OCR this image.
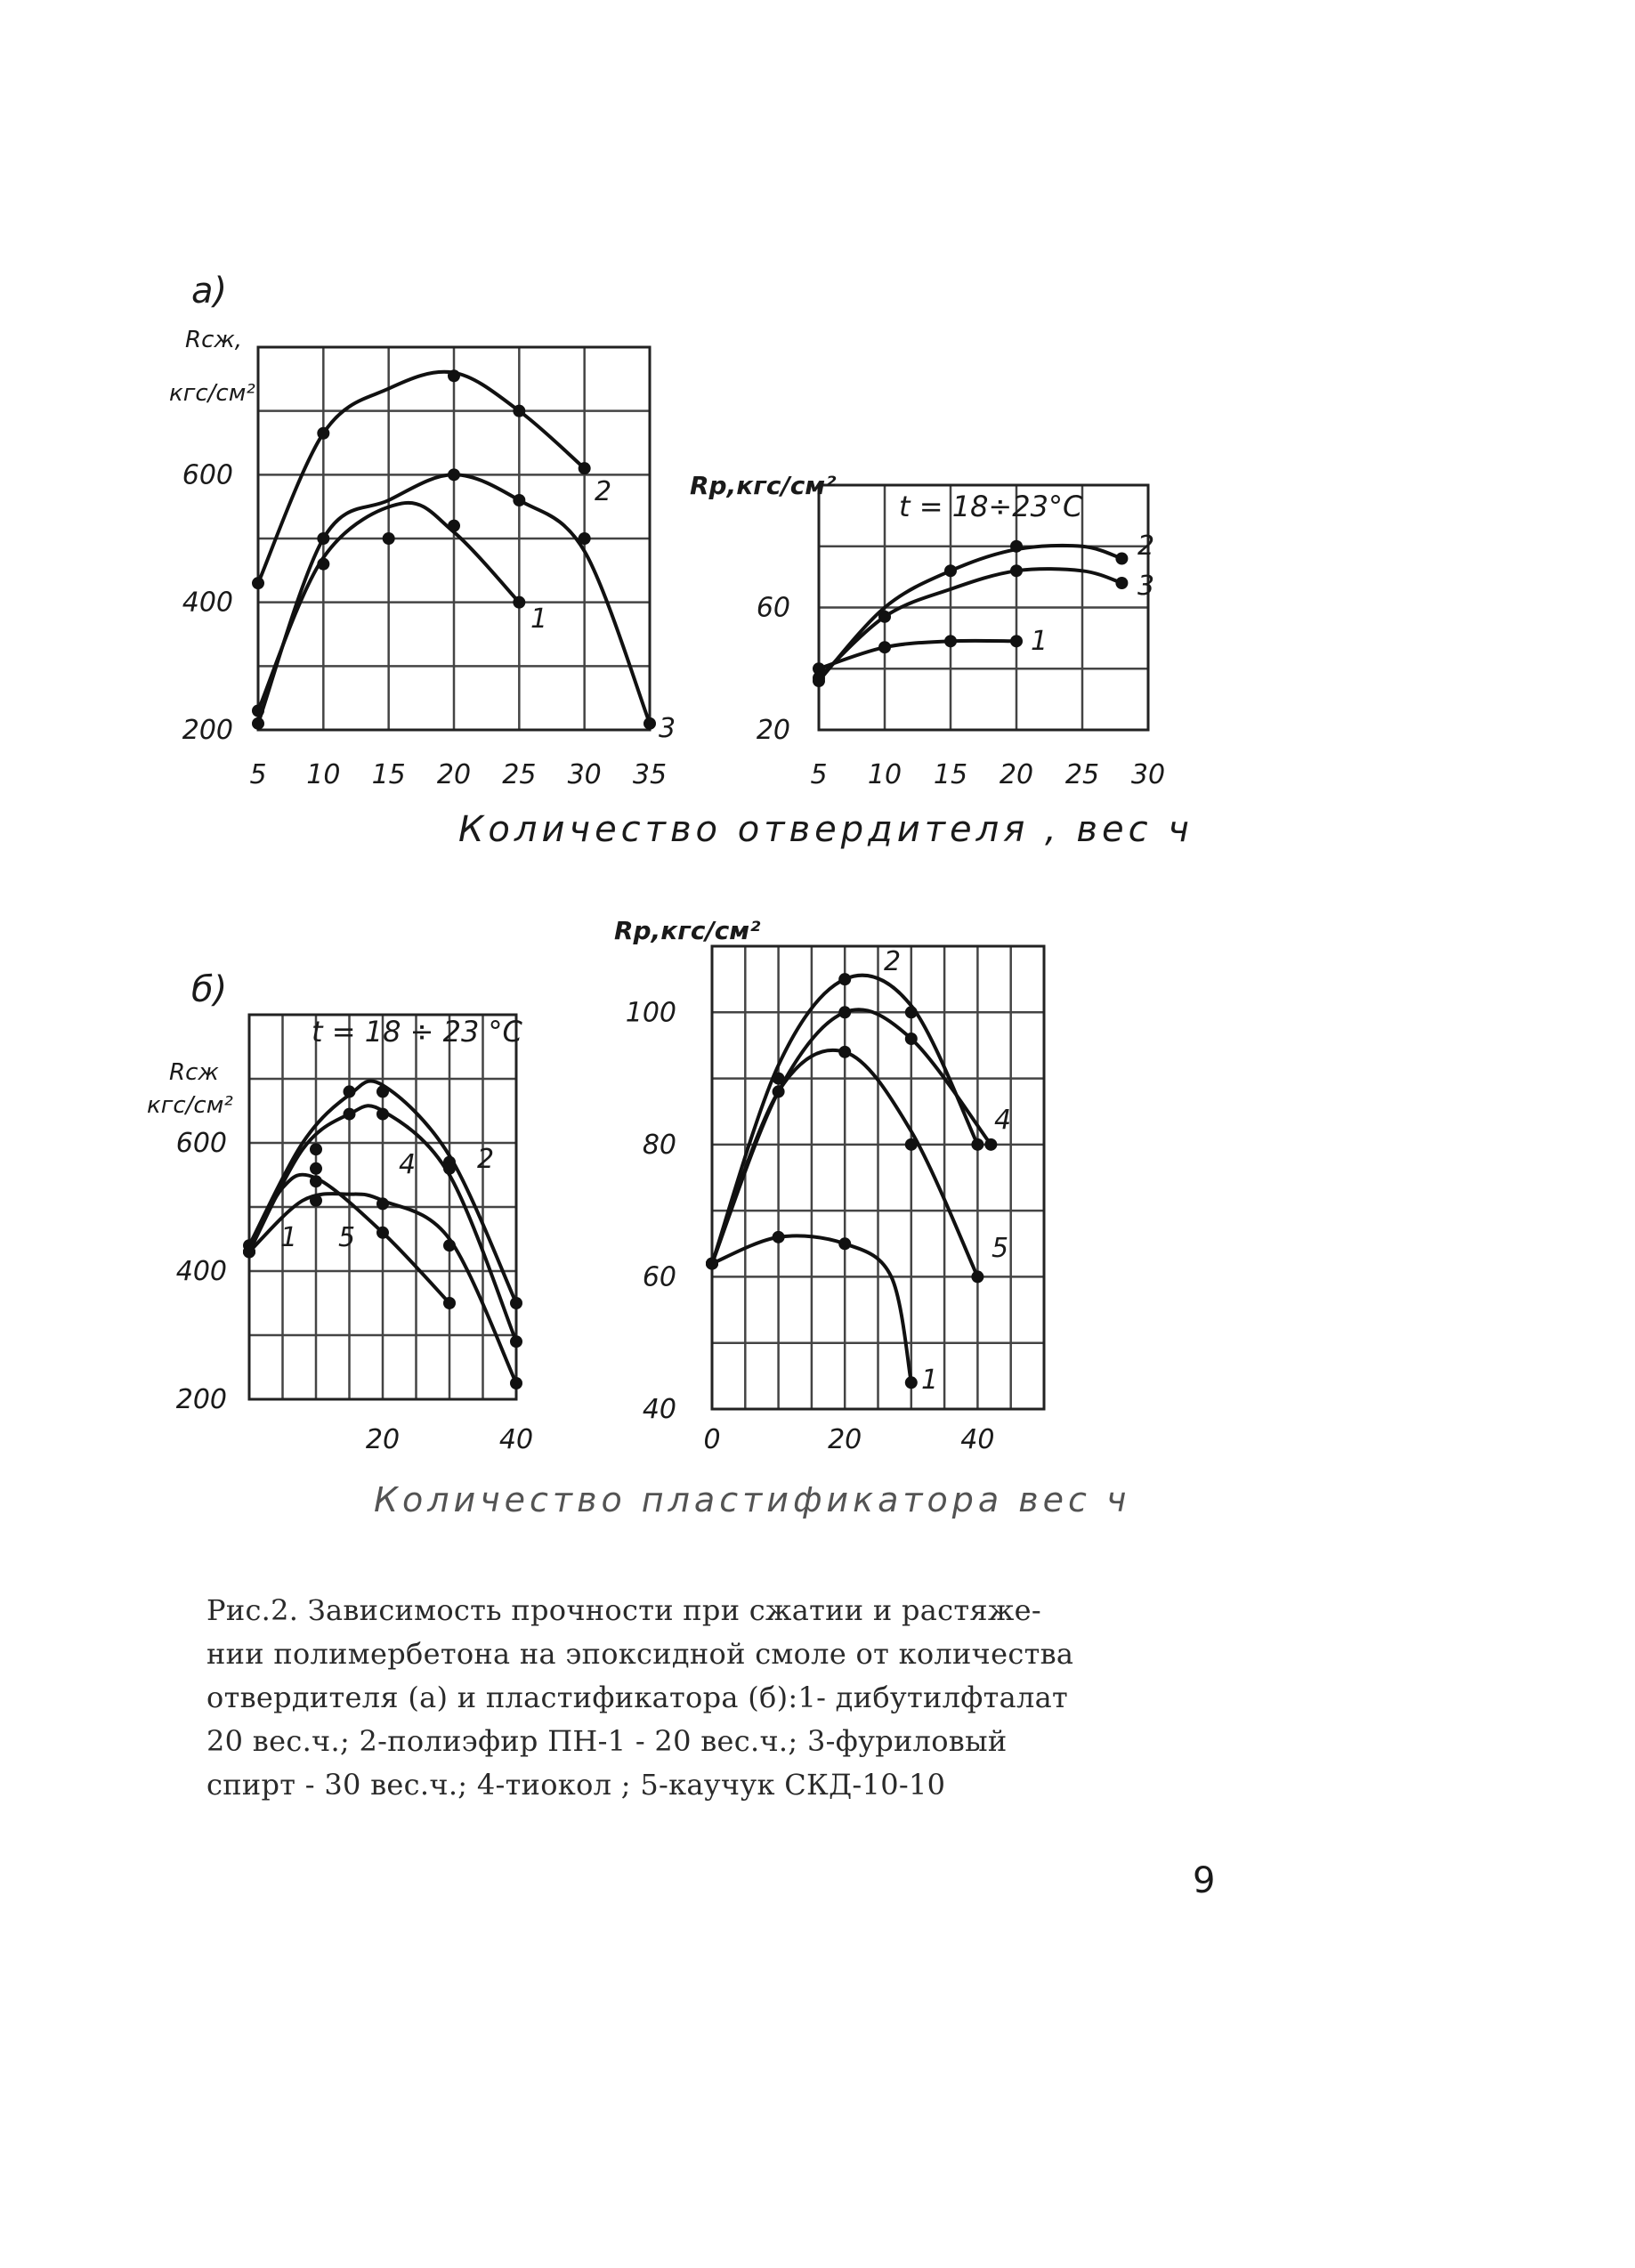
а)
б)
Количество отвердителя , вес ч
Количество пластификатора вес ч
5 10 15 20 25 30 35
200
400
600
Rсж,
кгс/см²
1
2
3
5 10 15 20 25 30
20
60
Rр,кгс/см²
t = 18÷23°C
1
2
3
20	40
200
400
600
Rсж
кгс/см²
t = 18 ÷ 23 °C
1
2
4
5
0	20	40
40
60
80
100
Rр,кгс/см²
1
2
4
5
Рис.2. Зависимость прочности при сжатии и растяже-
нии полимербетона на эпоксидной смоле от количества
отвердителя (а) и пластификатора (б):1- дибутилфталат
20 вес.ч.; 2-полиэфир ПН-1 - 20 вес.ч.; 3-фуриловый
спирт - 30 вес.ч.; 4-тиокол ; 5-каучук СКД-10-10
9
